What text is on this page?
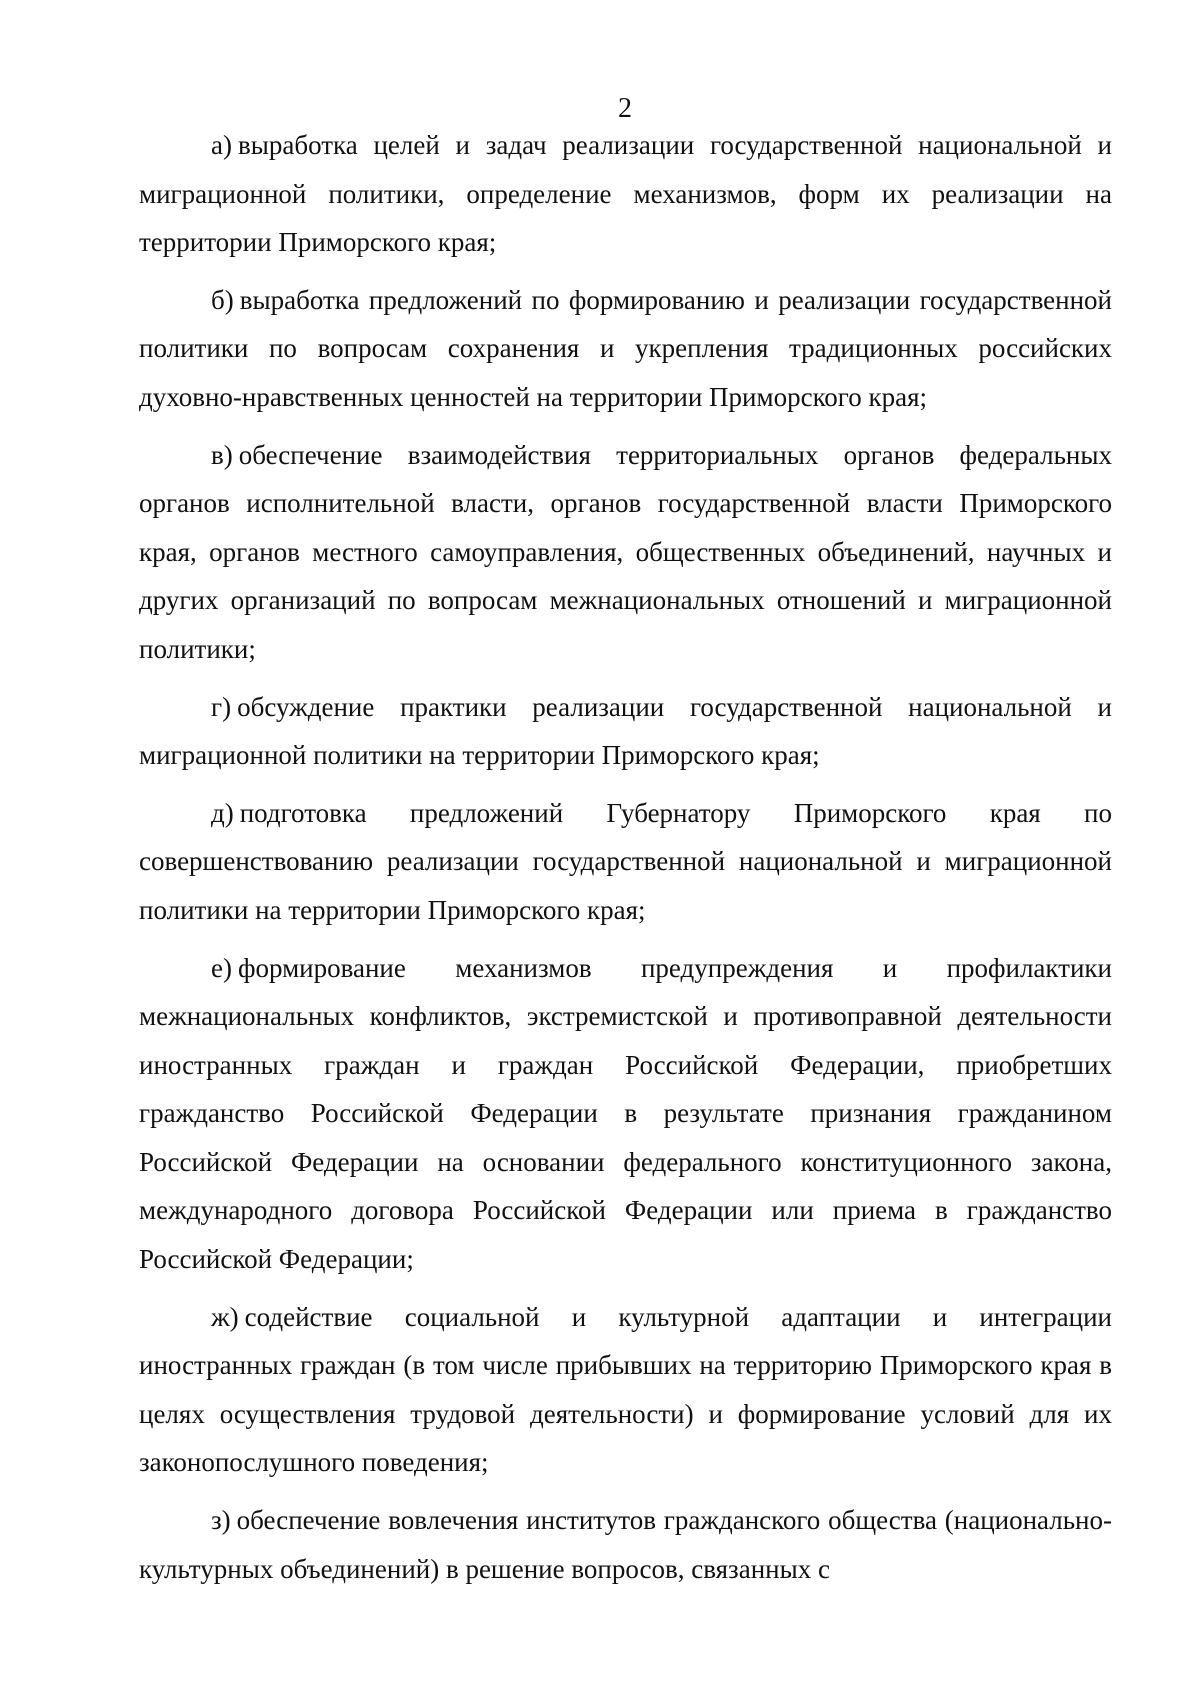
2

а) выработка целей и задач реализации государственной национальной и миграционной политики, определение механизмов, форм их реализации на территории Приморского края;

б) выработка предложений по формированию и реализации государственной политики по вопросам сохранения и укрепления традиционных российских духовно-нравственных ценностей на территории Приморского края;

в) обеспечение взаимодействия территориальных органов федеральных органов исполнительной власти, органов государственной власти Приморского края, органов местного самоуправления, общественных объединений, научных и других организаций по вопросам межнациональных отношений и миграционной политики;

г) обсуждение практики реализации государственной национальной и миграционной политики на территории Приморского края;

д) подготовка предложений Губернатору Приморского края по совершенствованию реализации государственной национальной и миграционной политики на территории Приморского края;

е) формирование механизмов предупреждения и профилактики межнациональных конфликтов, экстремистской и противоправной деятельности иностранных граждан и граждан Российской Федерации, приобретших гражданство Российской Федерации в результате признания гражданином Российской Федерации на основании федерального конституционного закона, международного договора Российской Федерации или приема в гражданство Российской Федерации;

ж) содействие социальной и культурной адаптации и интеграции иностранных граждан (в том числе прибывших на территорию Приморского края в целях осуществления трудовой деятельности) и формирование условий для их законопослушного поведения;

з) обеспечение вовлечения институтов гражданского общества (национально-культурных объединений) в решение вопросов, связанных с
